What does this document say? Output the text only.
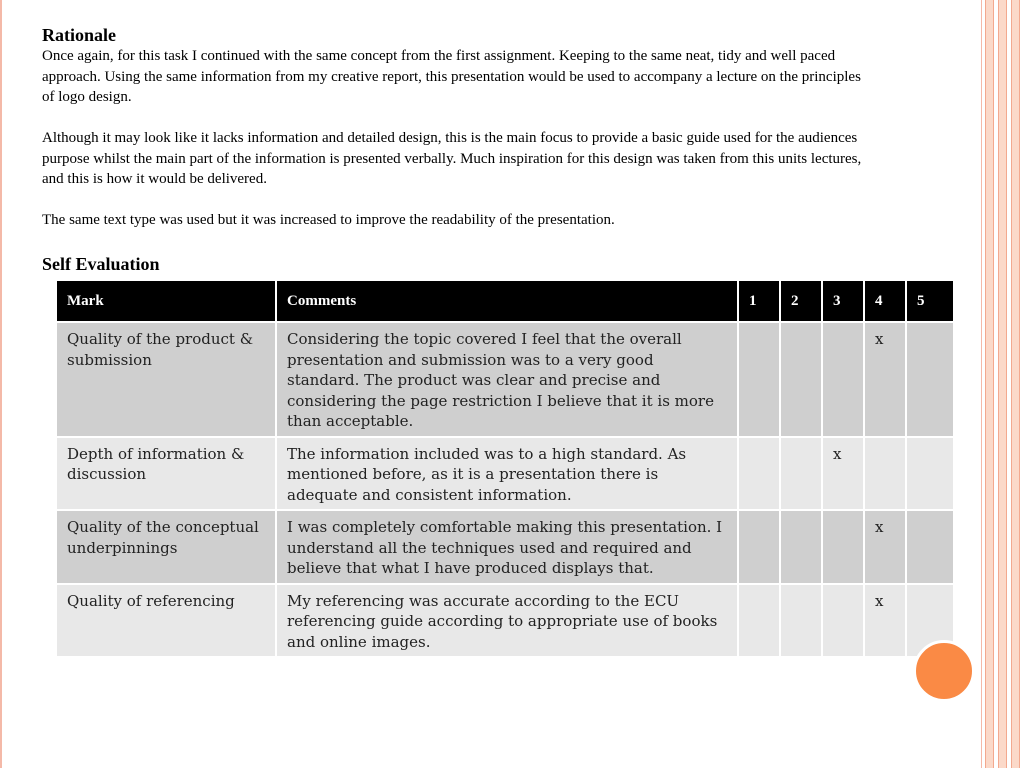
Rationale
Once again, for this task I continued with the same concept from the first assignment. Keeping to the same neat, tidy and well paced approach. Using the same information from my creative report, this presentation would be used to accompany a lecture on the principles of logo design.
Although it may look like it lacks information and detailed design, this is the main focus to provide a basic guide used for the audiences purpose whilst the main part of the information is presented verbally. Much inspiration for this design was taken from this units lectures, and this is how it would be delivered.
The same text type was used but it was increased to improve the readability of the presentation.
Self Evaluation
Mark	Comments	1	2	3	4	5
Quality of the product & submission	Considering the topic covered I feel that the overall presentation and submission was to a very good standard. The product was clear and precise and considering the page restriction I believe that it is more than acceptable.				x	
Depth of information & discussion	The information included was to a high standard. As mentioned before, as it is a presentation there is adequate and consistent information.			x		
Quality of the conceptual underpinnings	I was completely comfortable making this presentation. I understand all the techniques used and required and believe that what I have produced displays that.				x	
Quality of referencing	My referencing was accurate according to the ECU referencing guide according to appropriate use of books and online images.				x	
